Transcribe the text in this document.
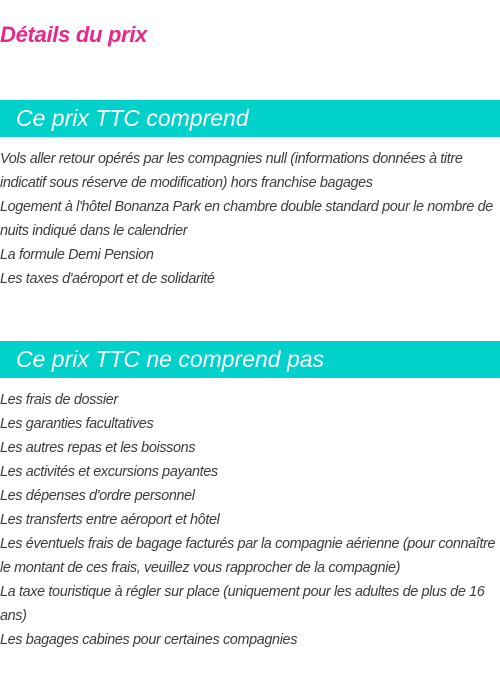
Détails du prix
Ce prix TTC comprend
Vols aller retour opérés par les compagnies null (informations données à titre indicatif sous réserve de modification) hors franchise bagages
Logement à l'hôtel Bonanza Park en chambre double standard pour le nombre de nuits indiqué dans le calendrier
La formule Demi Pension
Les taxes d'aéroport et de solidarité
Ce prix TTC ne comprend pas
Les frais de dossier
Les garanties facultatives
Les autres repas et les boissons
Les activités et excursions payantes
Les dépenses d'ordre personnel
Les transferts entre aéroport et hôtel
Les éventuels frais de bagage facturés par la compagnie aérienne (pour connaître le montant de ces frais, veuillez vous rapprocher de la compagnie)
La taxe touristique à régler sur place (uniquement pour les adultes de plus de 16 ans)
Les bagages cabines pour certaines compagnies
